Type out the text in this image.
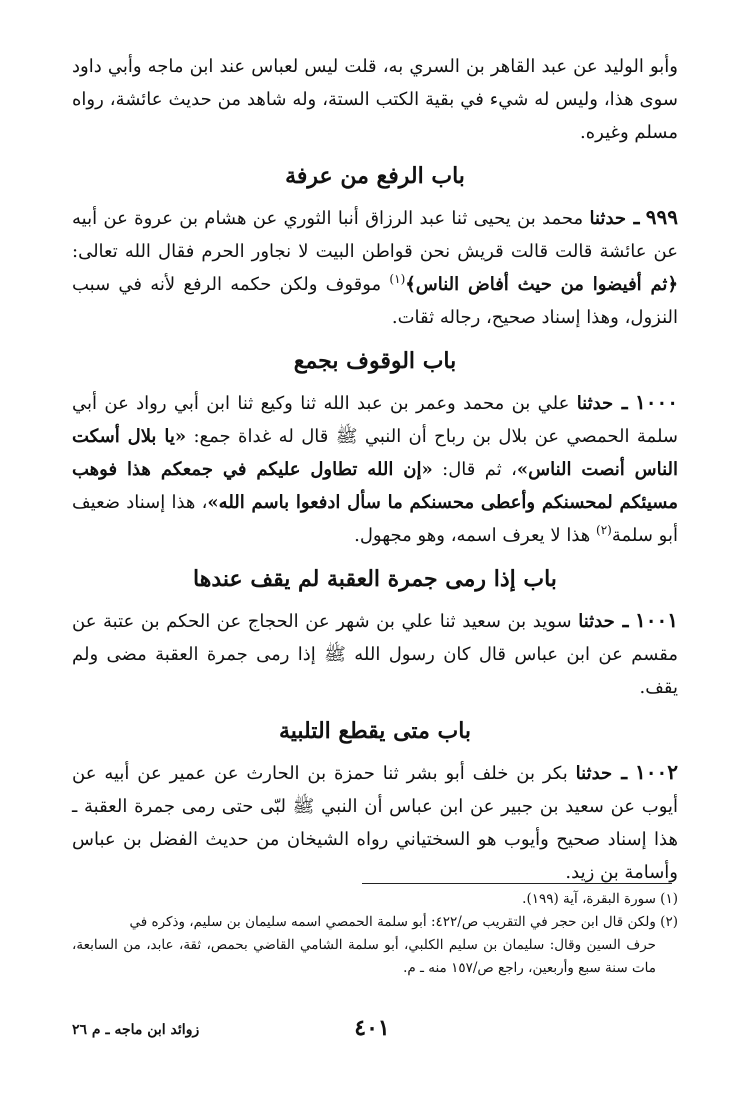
وأبو الوليد عن عبد القاهر بن السري به، قلت ليس لعباس عند ابن ماجه وأبي داود سوى هذا، وليس له شيء في بقية الكتب الستة، وله شاهد من حديث عائشة، رواه مسلم وغيره.

باب الرفع من عرفة

٩٩٩ ـ حدثنا محمد بن يحيى ثنا عبد الرزاق أنبا الثوري عن هشام بن عروة عن أبيه عن عائشة قالت قالت قريش نحن قواطن البيت لا نجاور الحرم فقال الله تعالى: ﴿ثم أفيضوا من حيث أفاض الناس﴾$^{(١)}$ موقوف ولكن حكمه الرفع لأنه في سبب النزول، وهذا إسناد صحيح، رجاله ثقات.

باب الوقوف بجمع

١٠٠٠ ـ حدثنا علي بن محمد وعمر بن عبد الله ثنا وكيع ثنا ابن أبي رواد عن أبي سلمة الحمصي عن بلال بن رباح أن النبي ﷺ قال له غداة جمع: «يا بلال أسكت الناس أنصت الناس»، ثم قال: «إن الله تطاول عليكم في جمعكم هذا فوهب مسيئكم لمحسنكم وأعطى محسنكم ما سأل ادفعوا باسم الله»، هذا إسناد ضعيف أبو سلمة$^{(٢)}$ هذا لا يعرف اسمه، وهو مجهول.

باب إذا رمى جمرة العقبة لم يقف عندها

١٠٠١ ـ حدثنا سويد بن سعيد ثنا علي بن شهر عن الحجاج عن الحكم بن عتبة عن مقسم عن ابن عباس قال كان رسول الله ﷺ إذا رمى جمرة العقبة مضى ولم يقف.

باب متى يقطع التلبية

١٠٠٢ ـ حدثنا بكر بن خلف أبو بشر ثنا حمزة بن الحارث عن عمير عن أبيه عن أيوب عن سعيد بن جبير عن ابن عباس أن النبي ﷺ لبّى حتى رمى جمرة العقبة ـ هذا إسناد صحيح وأيوب هو السختياني رواه الشيخان من حديث الفضل بن عباس وأسامة بن زيد.

(١) سورة البقرة، آية (١٩٩).

(٢) ولكن قال ابن حجر في التقريب ص/٤٢٢: أبو سلمة الحمصي اسمه سليمان بن سليم، وذكره في

حرف السين وقال: سليمان بن سليم الكلبي، أبو سلمة الشامي القاضي بحمص، ثقة، عابد، من السابعة، مات سنة سبع وأربعين، راجع ص/١٥٧ منه ـ م.

٤٠١
زوائد ابن ماجه ـ م ٢٦
